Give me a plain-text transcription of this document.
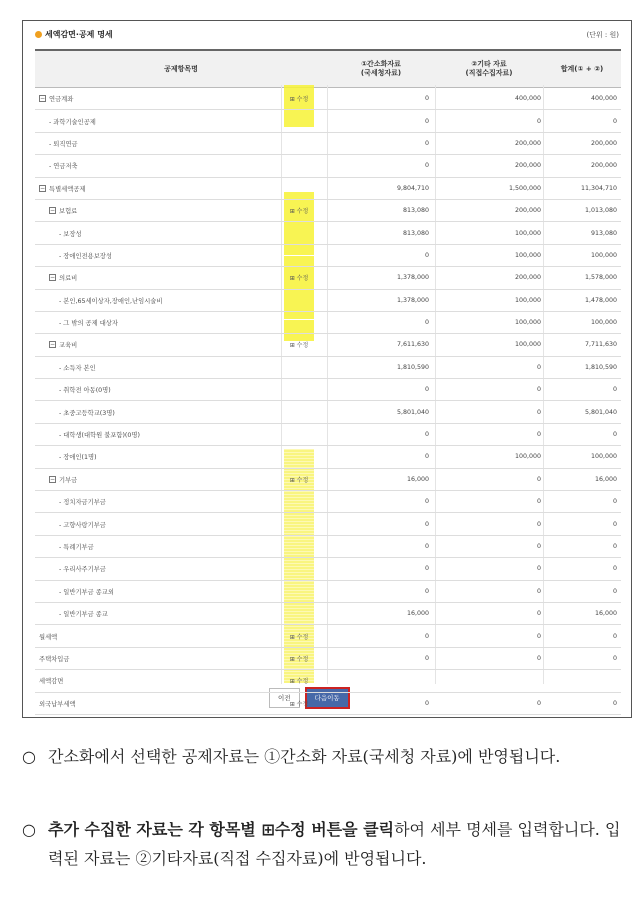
세액감면·공제 명세	(단위 : 원)
공제항목명
①간소화자료
(국세청자료)
②기타 자료
(직접수집자료)
합계(① + ②)
− 연금계좌	⊞ 수정	0	400,000	400,000
- 과학기술인공제	0	0	0
- 퇴직연금	0	200,000	200,000
- 연금저축	0	200,000	200,000
− 특별세액공제	9,804,710	1,500,000	11,304,710
− 보험료	⊞ 수정	813,080	200,000	1,013,080
- 보장성	813,080	100,000	913,080
- 장애인전용보장성	0	100,000	100,000
− 의료비	⊞ 수정	1,378,000	200,000	1,578,000
- 본인,65세이상자,장애인,난임시술비	1,378,000	100,000	1,478,000
- 그 밖의 공제 대상자	0	100,000	100,000
− 교육비	⊞ 수정	7,611,630	100,000	7,711,630
- 소득자 본인	1,810,590	0	1,810,590
- 취학전 아동(0명)	0	0	0
- 초중고등학교(3명)	5,801,040	0	5,801,040
- 대학생(대학원 불포함)(0명)	0	0	0
- 장애인(1명)	0	100,000	100,000
− 기부금	⊞ 수정	16,000	0	16,000
- 정치자금기부금	0	0	0
- 고향사랑기부금	0	0	0
- 특례기부금	0	0	0
- 우리사주기부금	0	0	0
- 일반기부금 종교외	0	0	0
- 일반기부금 종교	16,000	0	16,000
월세액	⊞ 수정	0	0	0
주택차입금	⊞ 수정	0	0	0
세액감면	⊞ 수정
외국납부세액	⊞ 수정	0	0	0
이전	다음이동
○ 간소화에서 선택한 공제자료는 ①간소화 자료(국세청 자료)에 반영됩니다.
○ 추가 수집한 자료는 각 항목별 ⊞수정 버튼을 클릭하여 세부 명세를 입력합니다. 입력된 자료는 ②기타자료(직접 수집자료)에 반영됩니다.
